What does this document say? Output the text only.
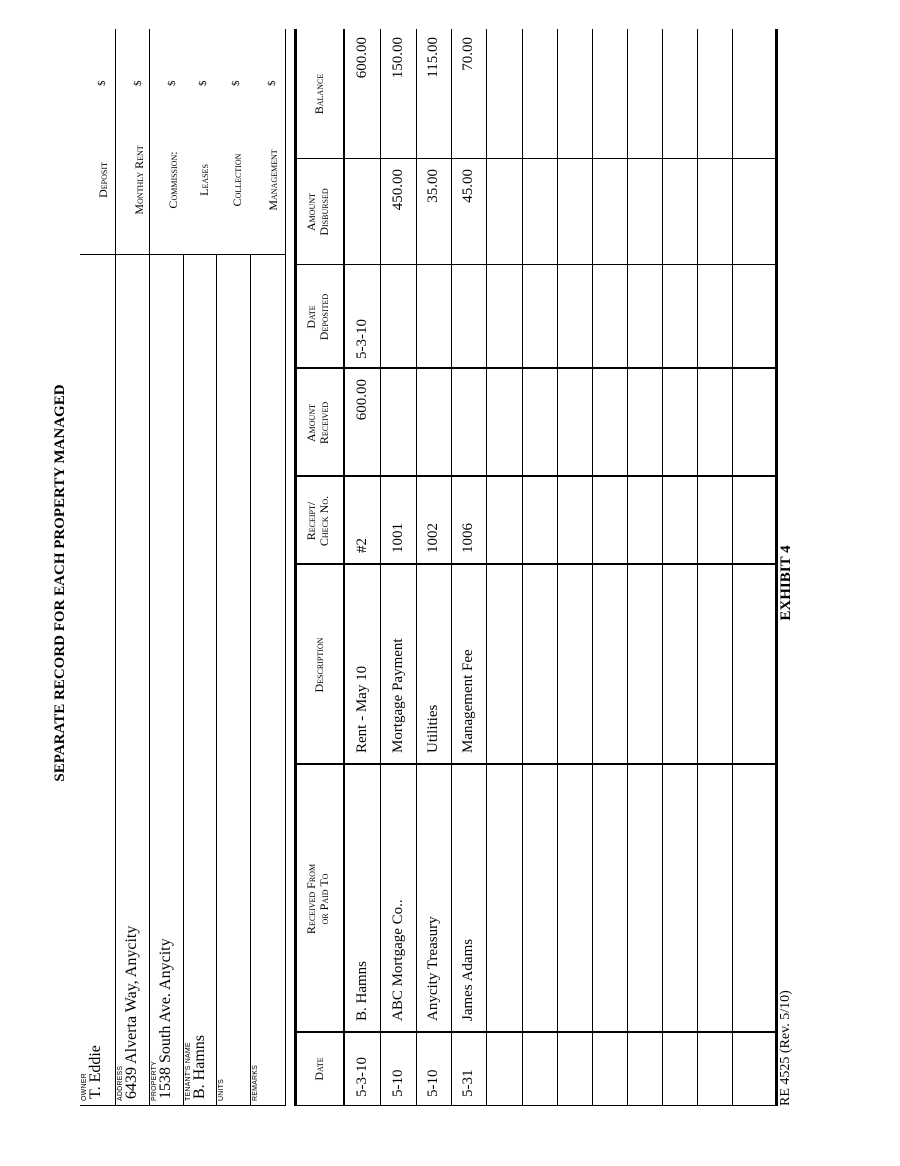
SEPARATE RECORD FOR EACH PROPERTY MANAGED
OWNER T. Eddie ADDRESS 6439 Alverta Way, Anycity PROPERTY 1538 South Ave. Anycity TENANT'S NAME B. Hamns UNITS	REMARKS
Deposit
$
Monthly Rent
$
Commission:
$
Leases
$
Collection
$
Management
$
Date
Received From or Paid To
Description
Receipt/ Check No.
Amount Received
Date Deposited
Amount Disbursed
Balance
5-3-10
B. Hamns
Rent - May 10
#2
600.00
5-3-10
600.00
5-10
ABC Mortgage Co..
Mortgage Payment
1001
450.00
150.00
5-10
Anycity Treasury
Utilities
1002
35.00
115.00
5-31
James Adams
Management Fee
1006
45.00
70.00
RE 4525 (Rev. 5/10)
EXHIBIT 4
